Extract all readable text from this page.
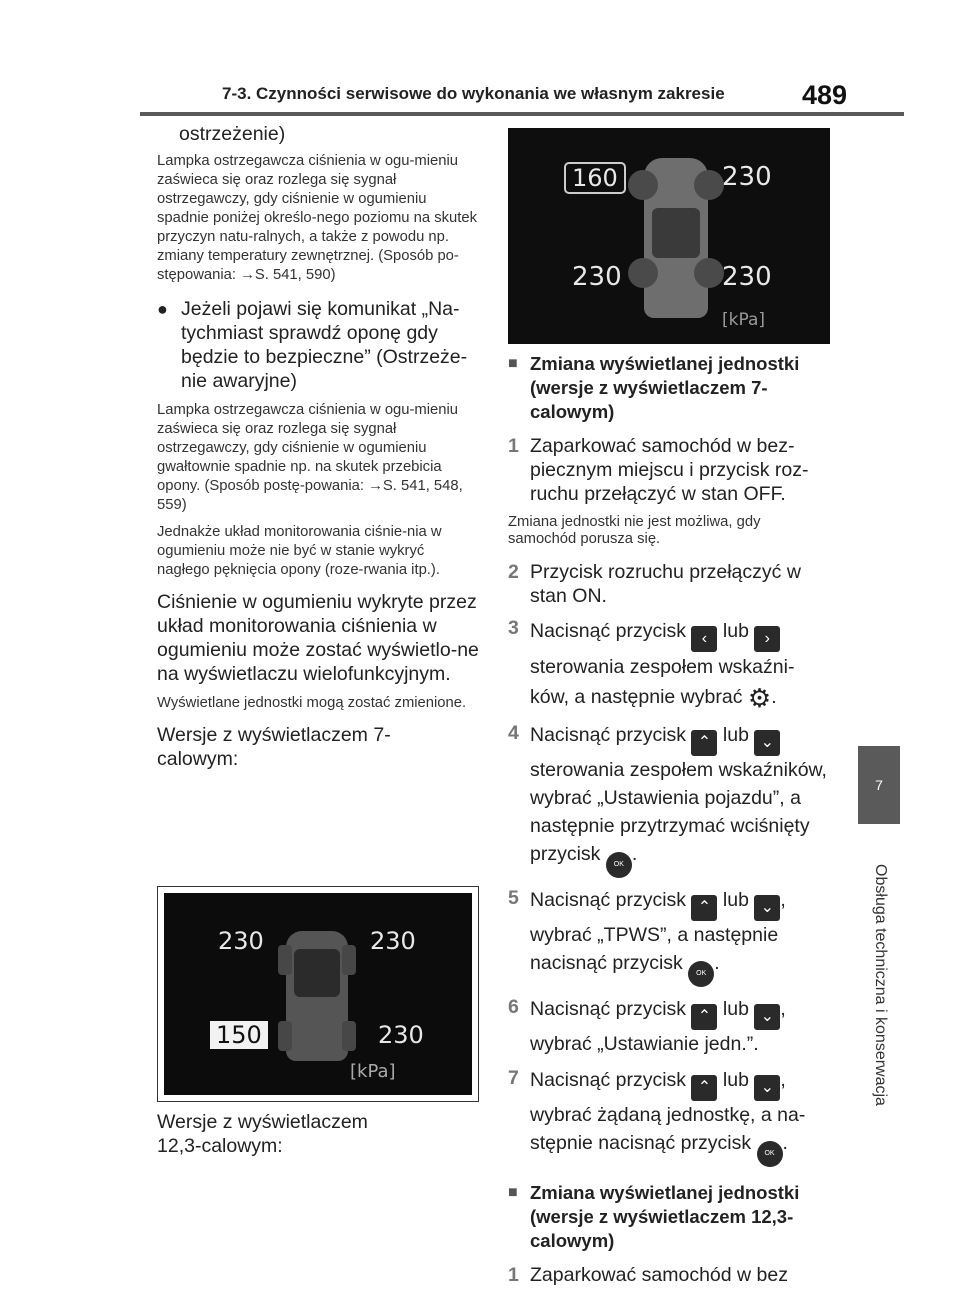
7-3. Czynności serwisowe do wykonania we własnym zakresie	489
7
Obsługa techniczna i konserwacja

ostrzeżenie)

Lampka ostrzegawcza ciśnienia w ogu-mieniu zaświeca się oraz rozlega się sygnał ostrzegawczy, gdy ciśnienie w ogumieniu spadnie poniżej określo-nego poziomu na skutek przyczyn natu-ralnych, a także z powodu np. zmiany temperatury zewnętrznej. (Sposób po-stępowania: →S. 541, 590)

● Jeżeli pojawi się komunikat „Na-tychmiast sprawdź oponę gdy będzie to bezpieczne” (Ostrzeże-nie awaryjne)

Lampka ostrzegawcza ciśnienia w ogu-mieniu zaświeca się oraz rozlega się sygnał ostrzegawczy, gdy ciśnienie w ogumieniu gwałtownie spadnie np. na skutek przebicia opony. (Sposób postę-powania: →S. 541, 548, 559)

Jednakże układ monitorowania ciśnie-nia w ogumieniu może nie być w stanie wykryć nagłego pęknięcia opony (roze-rwania itp.).

Ciśnienie w ogumieniu wykryte przez układ monitorowania ciśnienia w ogumieniu może zostać wyświetlo-ne na wyświetlaczu wielofunkcyjnym.

Wyświetlane jednostki mogą zostać zmienione.

Wersje z wyświetlaczem 7-calowym:

230	230
150	230
[kPa]
Wersje z wyświetlaczem 12,3-calowym:
160	230
230	230
[kPa]
■ Zmiana wyświetlanej jednostki (wersje z wyświetlaczem 7-calowym)
1 Zaparkować samochód w bez-piecznym miejscu i przycisk roz-ruchu przełączyć w stan OFF.

Zmiana jednostki nie jest możliwa, gdy samochód porusza się.

2 Przycisk rozruchu przełączyć w stan ON.
3 Nacisnąć przycisk ‹ lub › sterowania zespołem wskaźni-ków, a następnie wybrać ⚙.
4 Nacisnąć przycisk ⌃ lub ⌄ sterowania zespołem wskaźników, wybrać „Ustawienia pojazdu”, a następnie przytrzymać wciśnięty przycisk OK .
5 Nacisnąć przycisk ⌃ lub ⌄ , wybrać „TPWS”, a następnie nacisnąć przycisk OK .
6 Nacisnąć przycisk ⌃ lub ⌄ , wybrać „Ustawianie jedn.”.
7 Nacisnąć przycisk ⌃ lub ⌄ , wybrać żądaną jednostkę, a na-stępnie nacisnąć przycisk OK .
■ Zmiana wyświetlanej jednostki (wersje z wyświetlaczem 12,3-calowym)
1 Zaparkować samochód w bez
